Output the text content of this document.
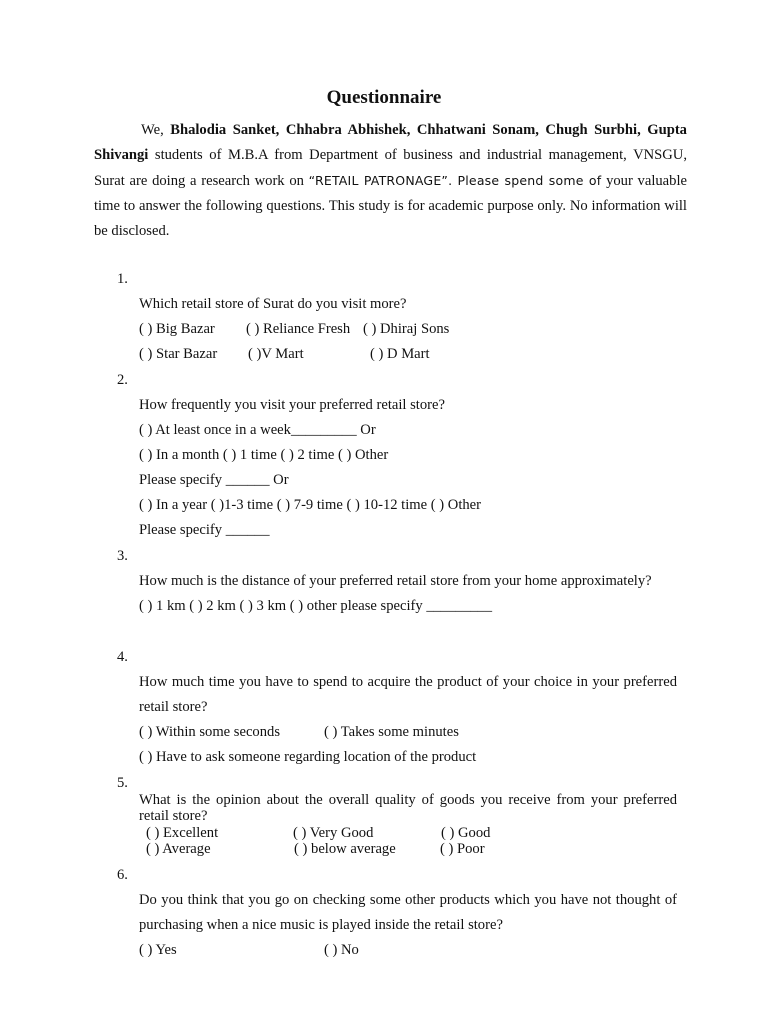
Questionnaire

We, Bhalodia Sanket, Chhabra Abhishek, Chhatwani Sonam, Chugh Surbhi, Gupta Shivangi students of M.B.A from Department of business and industrial management, VNSGU, Surat are doing a research work on “RETAIL PATRONAGE”. Please spend some of your valuable time to answer the following questions. This study is for academic purpose only. No information will be disclosed.

1.
Which retail store of Surat do you visit more?
( ) Big Bazar ( ) Reliance Fresh ( ) Dhiraj Sons
( ) Star Bazar ( )V Mart	( ) D Mart
2.
How frequently you visit your preferred retail store?
( ) At least once in a week_________ Or
( ) In a month ( ) 1 time ( ) 2 time ( ) Other
Please specify ______ Or
( ) In a year ( )1-3 time ( ) 7-9 time ( ) 10-12 time ( ) Other
Please specify ______
3.
How much is the distance of your preferred retail store from your home approximately?
( ) 1 km ( ) 2 km ( ) 3 km ( ) other please specify _________
4.
How much time you have to spend to acquire the product of your choice in your preferred retail store?
( ) Within some seconds	( ) Takes some minutes
( ) Have to ask someone regarding location of the product
5.
What is the opinion about the overall quality of goods you receive from your preferred retail store?
( ) Excellent	( ) Very Good	( ) Good
( ) Average	( ) below average	( ) Poor
6.
Do you think that you go on checking some other products which you have not thought of purchasing when a nice music is played inside the retail store?
( ) Yes	( ) No
